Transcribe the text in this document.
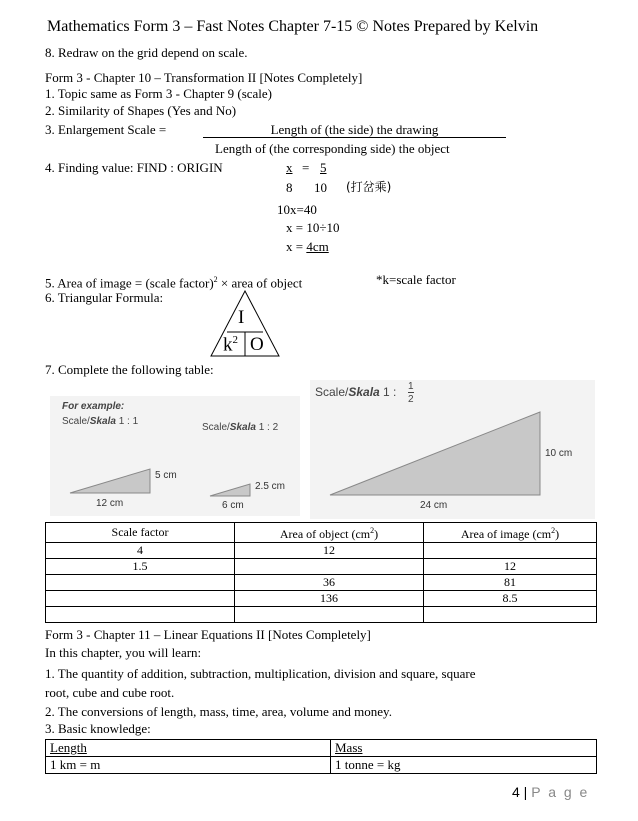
Mathematics Form 3 – Fast Notes Chapter 7-15 © Notes Prepared by Kelvin
8. Redraw on the grid depend on scale.
Form 3 - Chapter 10 – Transformation II [Notes Completely]
1. Topic same as Form 3 - Chapter 9 (scale)
2. Similarity of Shapes (Yes and No)
3. Enlargement Scale =	Length of (the side) the drawing
Length of (the corresponding side) the object
4. Finding value: FIND : ORIGIN	x = 5
8 10 (打岔乘)
10x=40
x = 10÷10
x = 4cm
5. Area of image = (scale factor)$^2$ × area of object	*k=scale factor
6. Triangular Formula:
I
$k^2$ O
7. Complete the following table:
For example:
Scale/Skala 1 : 1
Scale/Skala 1 : 2
5 cm
12 cm
2.5 cm
6 cm
Scale/Skala 1 : 1
2
10 cm
24 cm
Scale factor	Area of object $(cm^2)$	Area of image $(cm^2)$
4	12	
1.5		12
	36	81
	136	8.5

Form 3 - Chapter 11 – Linear Equations II [Notes Completely]
In this chapter, you will learn:
1. The quantity of addition, subtraction, multiplication, division and square, square
root, cube and cube root.
2. The conversions of length, mass, time, area, volume and money.
3. Basic knowledge:
Length	Mass
1 km = m	1 tonne = kg
4 | P a g e
